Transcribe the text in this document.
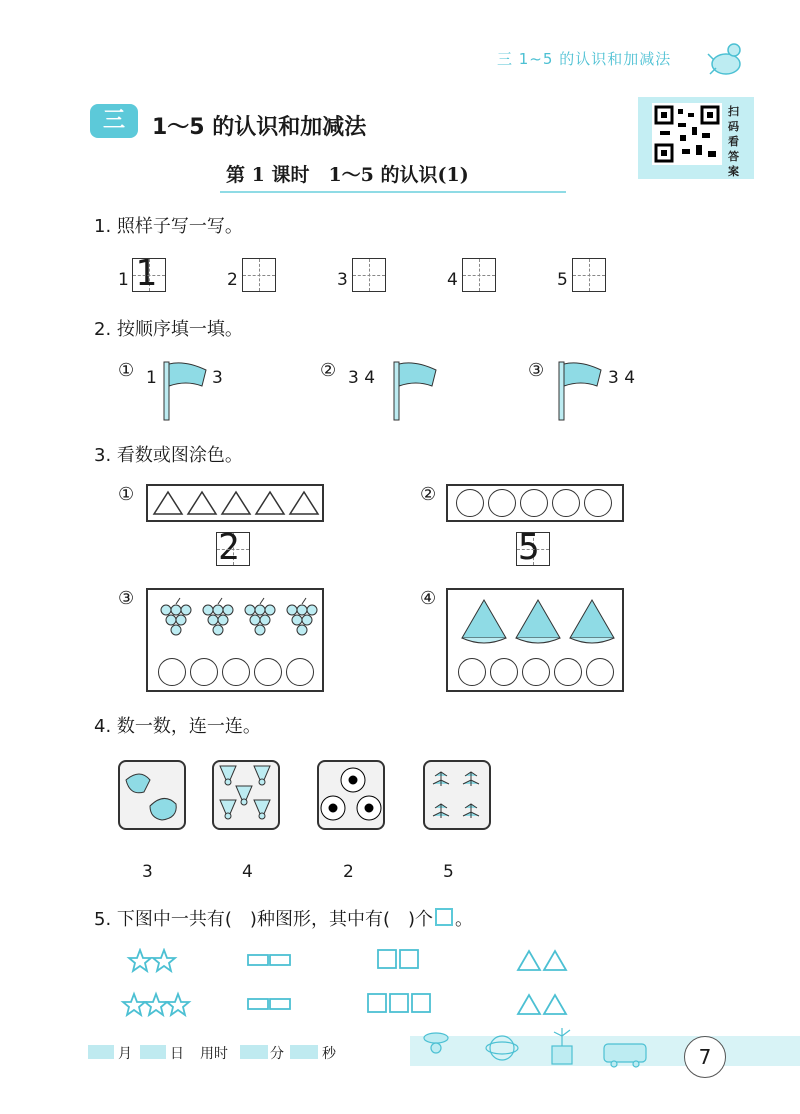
三 1~5 的认识和加减法
三	1～5 的认识和加减法
扫码看答案
第 1 课时　1～5 的认识(1)
1. 照样子写一写。
1 1	2	3	4	5
2. 按顺序填一填。
① 1	3	② 3 4	③	3 4
3. 看数或图涂色。
①
2
②
5
③	④
4. 数一数，连一连。
3	4	2	5
5. 下图中一共有(　)种图形，其中有(　)个 。
7
月	日 用时	分	秒
